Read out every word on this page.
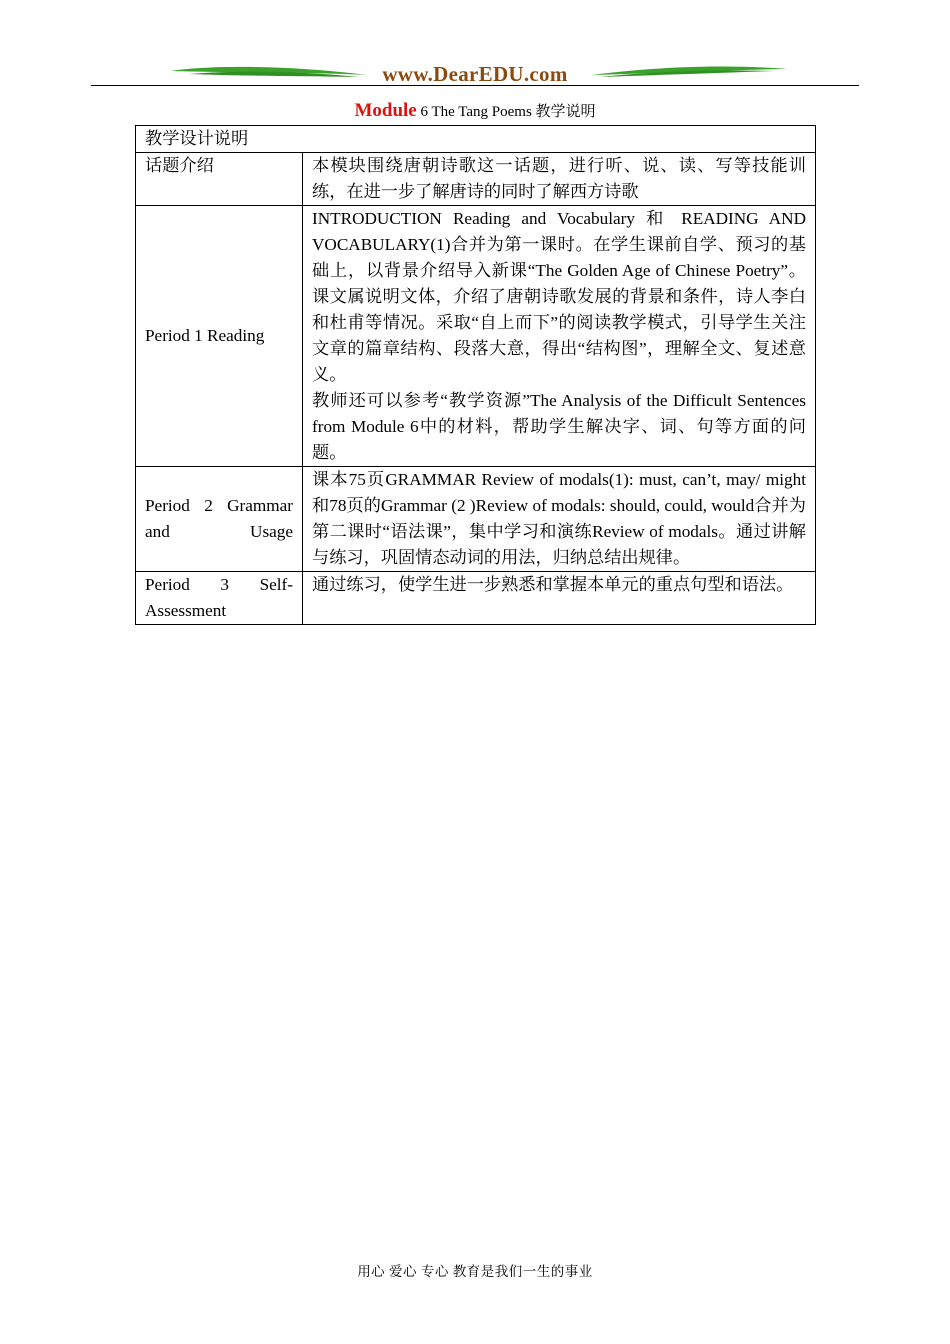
www.DearEDU.com
Module 6 The Tang Poems 教学说明
教学设计说明	
话题介绍	本模块围绕唐朝诗歌这一话题，进行听、说、读、写等技能训练，在进一步了解唐诗的同时了解西方诗歌

Period 1 Reading	INTRODUCTION Reading and Vocabulary 和 READING AND VOCABULARY(1)合并为第一课时。在学生课前自学、预习的基础上，以背景介绍导入新课“The Golden Age of Chinese Poetry”。课文属说明文体，介绍了唐朝诗歌发展的背景和条件，诗人李白和杜甫等情况。采取“自上而下”的阅读教学模式，引导学生关注文章的篇章结构、段落大意，得出“结构图”，理解全文、复述意义。
教师还可以参考“教学资源”The Analysis of the Difficult Sentences from Module 6中的材料，帮助学生解决字、词、句等方面的问题。

Period 2 Grammar and Usage	课本75页GRAMMAR Review of modals(1): must, can’t, may/ might和78页的Grammar (2 )Review of modals: should, could, would合并为第二课时“语法课”，集中学习和演练Review of modals。通过讲解与练习，巩固情态动词的用法，归纳总结出规律。

Period 3 Self-Assessment	通过练习，使学生进一步熟悉和掌握本单元的重点句型和语法。
用心 爱心 专心 教育是我们一生的事业
